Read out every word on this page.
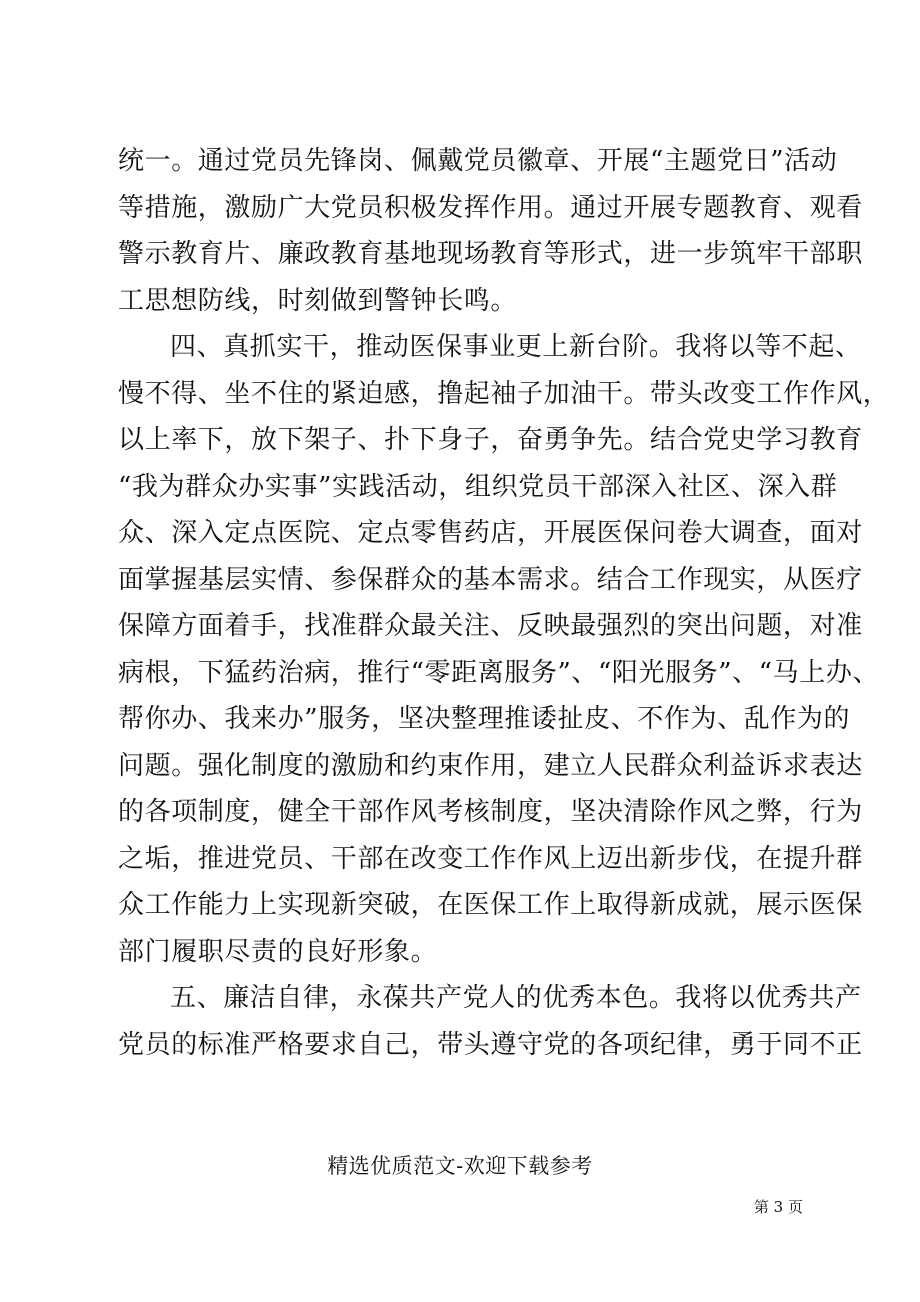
统一。通过党员先锋岗、佩戴党员徽章、开展“主题党日”活动
等措施，激励广大党员积极发挥作用。通过开展专题教育、观看
警示教育片、廉政教育基地现场教育等形式，进一步筑牢干部职
工思想防线，时刻做到警钟长鸣。
四、真抓实干，推动医保事业更上新台阶。我将以等不起、
慢不得、坐不住的紧迫感，撸起袖子加油干。带头改变工作作风，
以上率下，放下架子、扑下身子，奋勇争先。结合党史学习教育
“我为群众办实事”实践活动，组织党员干部深入社区、深入群
众、深入定点医院、定点零售药店，开展医保问卷大调查，面对
面掌握基层实情、参保群众的基本需求。结合工作现实，从医疗
保障方面着手，找准群众最关注、反映最强烈的突出问题，对准
病根，下猛药治病，推行“零距离服务”、“阳光服务”、“马上办、
帮你办、我来办”服务，坚决整理推诿扯皮、不作为、乱作为的
问题。强化制度的激励和约束作用，建立人民群众利益诉求表达
的各项制度，健全干部作风考核制度，坚决清除作风之弊，行为
之垢，推进党员、干部在改变工作作风上迈出新步伐，在提升群
众工作能力上实现新突破，在医保工作上取得新成就，展示医保
部门履职尽责的良好形象。
五、廉洁自律，永葆共产党人的优秀本色。我将以优秀共产
党员的标准严格要求自己，带头遵守党的各项纪律，勇于同不正
精选优质范文-欢迎下载参考
第 3 页
